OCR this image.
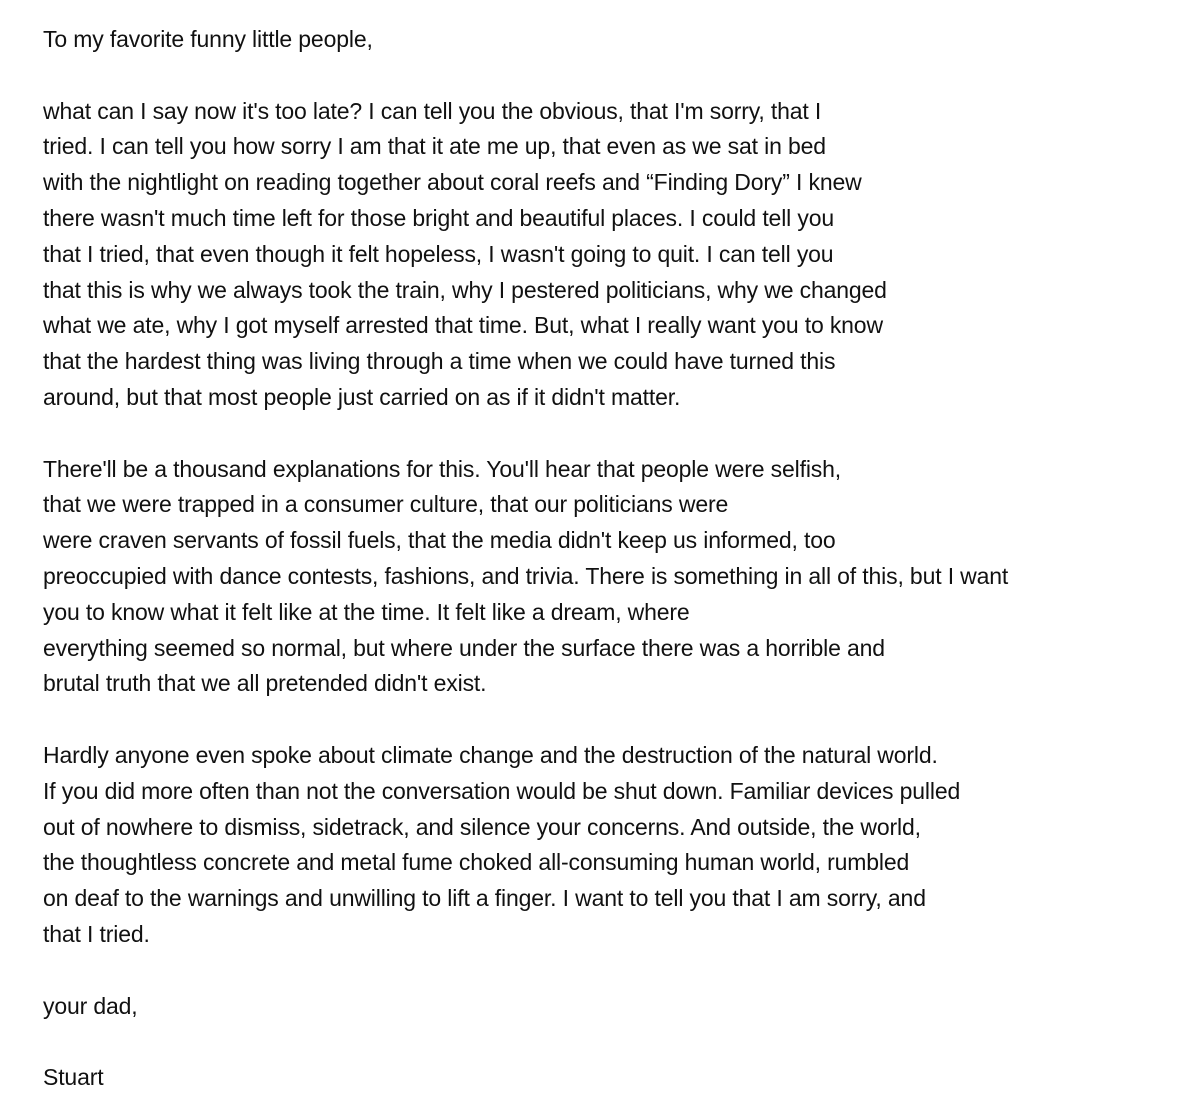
To my favorite funny little people,
what can I say now it's too late? I can tell you the obvious, that I'm sorry, that I
tried. I can tell you how sorry I am that it ate me up, that even as we sat in bed
with the nightlight on reading together about coral reefs and “Finding Dory” I knew
there wasn't much time left for those bright and beautiful places. I could tell you
that I tried, that even though it felt hopeless, I wasn't going to quit. I can tell you
that this is why we always took the train, why I pestered politicians, why we changed
what we ate, why I got myself arrested that time. But, what I really want you to know
that the hardest thing was living through a time when we could have turned this
around, but that most people just carried on as if it didn't matter.
There'll be a thousand explanations for this. You'll hear that people were selfish,
that we were trapped in a consumer culture, that our politicians were
were craven servants of fossil fuels, that the media didn't keep us informed, too
preoccupied with dance contests, fashions, and trivia. There is something in all of this, but I want
you to know what it felt like at the time. It felt like a dream, where
everything seemed so normal, but where under the surface there was a horrible and
brutal truth that we all pretended didn't exist.
Hardly anyone even spoke about climate change and the destruction of the natural world.
If you did more often than not the conversation would be shut down. Familiar devices pulled
out of nowhere to dismiss, sidetrack, and silence your concerns. And outside, the world,
the thoughtless concrete and metal fume choked all-consuming human world, rumbled
on deaf to the warnings and unwilling to lift a finger. I want to tell you that I am sorry, and
that I tried.
your dad,
Stuart
